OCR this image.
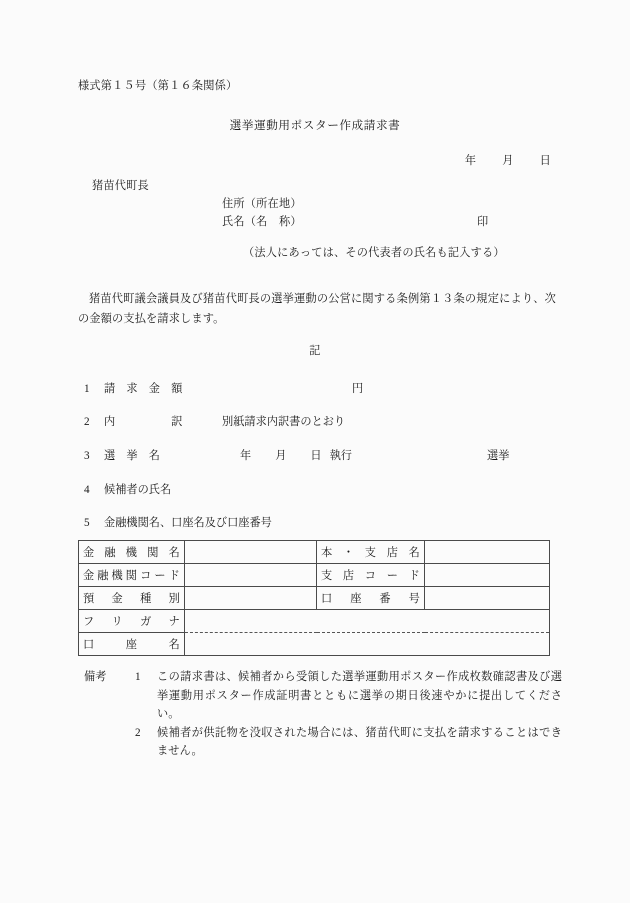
様式第１５号（第１６条関係）
選挙運動用ポスター作成請求書
年 月 日
猪苗代町長
住所（所在地）
氏名（名　称）	印
（法人にあっては、その代表者の氏名も記入する）
猪苗代町議会議員及び猪苗代町長の選挙運動の公営に関する条例第１３条の規定により、次の金額の支払を請求します。
記
1 請　求　金　額	円
2 内　　　　　訳	別紙請求内訳書のとおり
3 選　挙　名	年 月 日 執行	選挙
4 候補者の氏名
5 金融機関名、口座名及び口座番号
金 融 機 関 名		本 ・ 支 店 名	
金融機関コード		支 店 コ ー ド	
預　金　種　別		口　座　番　号	
フ　リ　ガ　ナ			
口　　座　　名			
備考	1	この請求書は、候補者から受領した選挙運動用ポスター作成枚数確認書及び選挙運動用ポスター作成証明書とともに選挙の期日後速やかに提出してください。
2	候補者が供託物を没収された場合には、猪苗代町に支払を請求することはできません。
